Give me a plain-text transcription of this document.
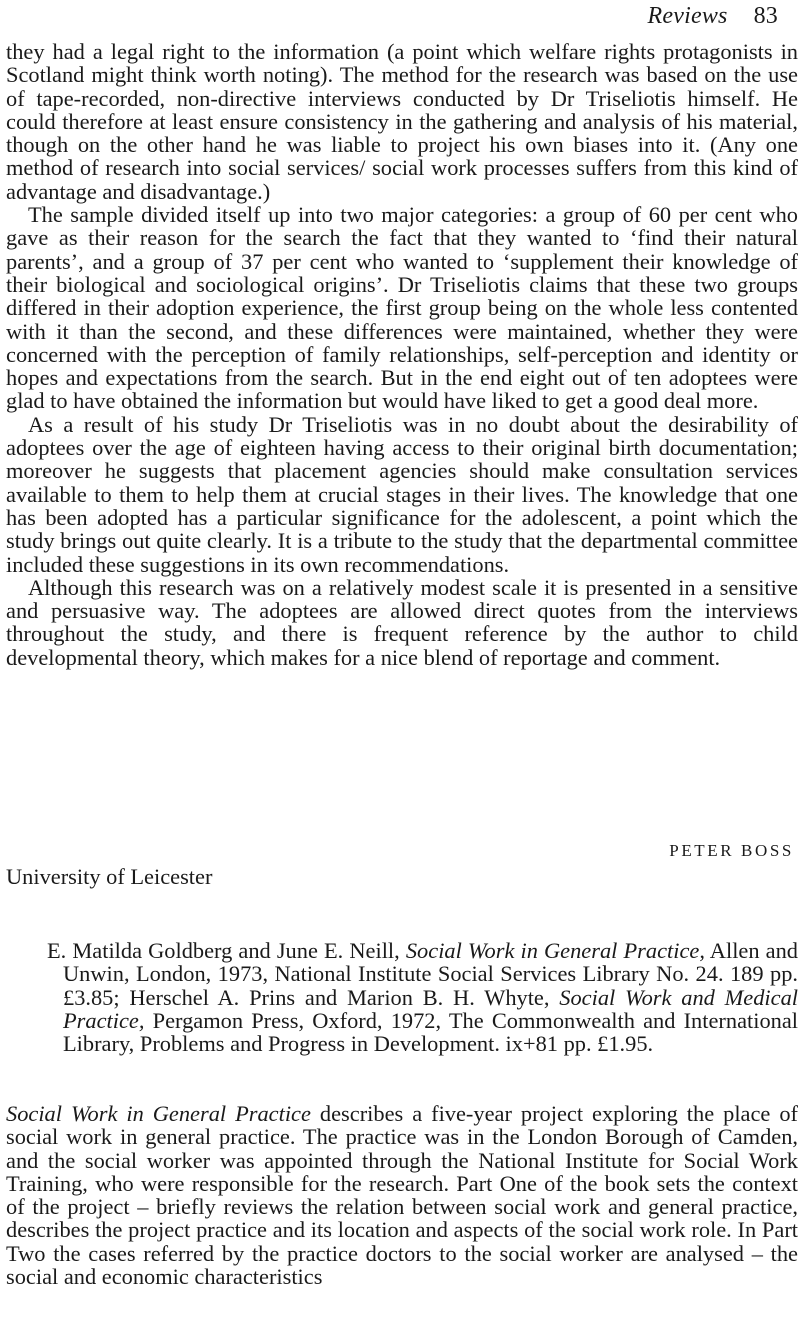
Reviews 83

they had a legal right to the information (a point which welfare rights protagonists in Scotland might think worth noting). The method for the research was based on the use of tape-recorded, non-directive interviews conducted by Dr Triseliotis himself. He could therefore at least ensure consistency in the gathering and analysis of his material, though on the other hand he was liable to project his own biases into it. (Any one method of research into social services/ social work processes suffers from this kind of advantage and disadvantage.)

The sample divided itself up into two major categories: a group of 60 per cent who gave as their reason for the search the fact that they wanted to ‘find their natural parents’, and a group of 37 per cent who wanted to ‘supplement their knowledge of their biological and sociological origins’. Dr Triseliotis claims that these two groups differed in their adoption experience, the first group being on the whole less contented with it than the second, and these differences were maintained, whether they were concerned with the perception of family relationships, self-perception and identity or hopes and expectations from the search. But in the end eight out of ten adoptees were glad to have obtained the information but would have liked to get a good deal more.

As a result of his study Dr Triseliotis was in no doubt about the desirability of adoptees over the age of eighteen having access to their original birth documentation; moreover he suggests that placement agencies should make consultation services available to them to help them at crucial stages in their lives. The knowledge that one has been adopted has a particular significance for the adolescent, a point which the study brings out quite clearly. It is a tribute to the study that the departmental committee included these suggestions in its own recommendations.

Although this research was on a relatively modest scale it is presented in a sensitive and persuasive way. The adoptees are allowed direct quotes from the interviews throughout the study, and there is frequent reference by the author to child developmental theory, which makes for a nice blend of reportage and comment.

PETER BOSS
University of Leicester
E. Matilda Goldberg and June E. Neill, Social Work in General Practice, Allen and Unwin, London, 1973, National Institute Social Services Library No. 24. 189 pp. £3.85; Herschel A. Prins and Marion B. H. Whyte, Social Work and Medical Practice, Pergamon Press, Oxford, 1972, The Commonwealth and International Library, Problems and Progress in Development. ix+81 pp. £1.95.

Social Work in General Practice describes a five-year project exploring the place of social work in general practice. The practice was in the London Borough of Camden, and the social worker was appointed through the National Institute for Social Work Training, who were responsible for the research. Part One of the book sets the context of the project – briefly reviews the relation between social work and general practice, describes the project practice and its location and aspects of the social work role. In Part Two the cases referred by the practice doctors to the social worker are analysed – the social and economic characteristics
